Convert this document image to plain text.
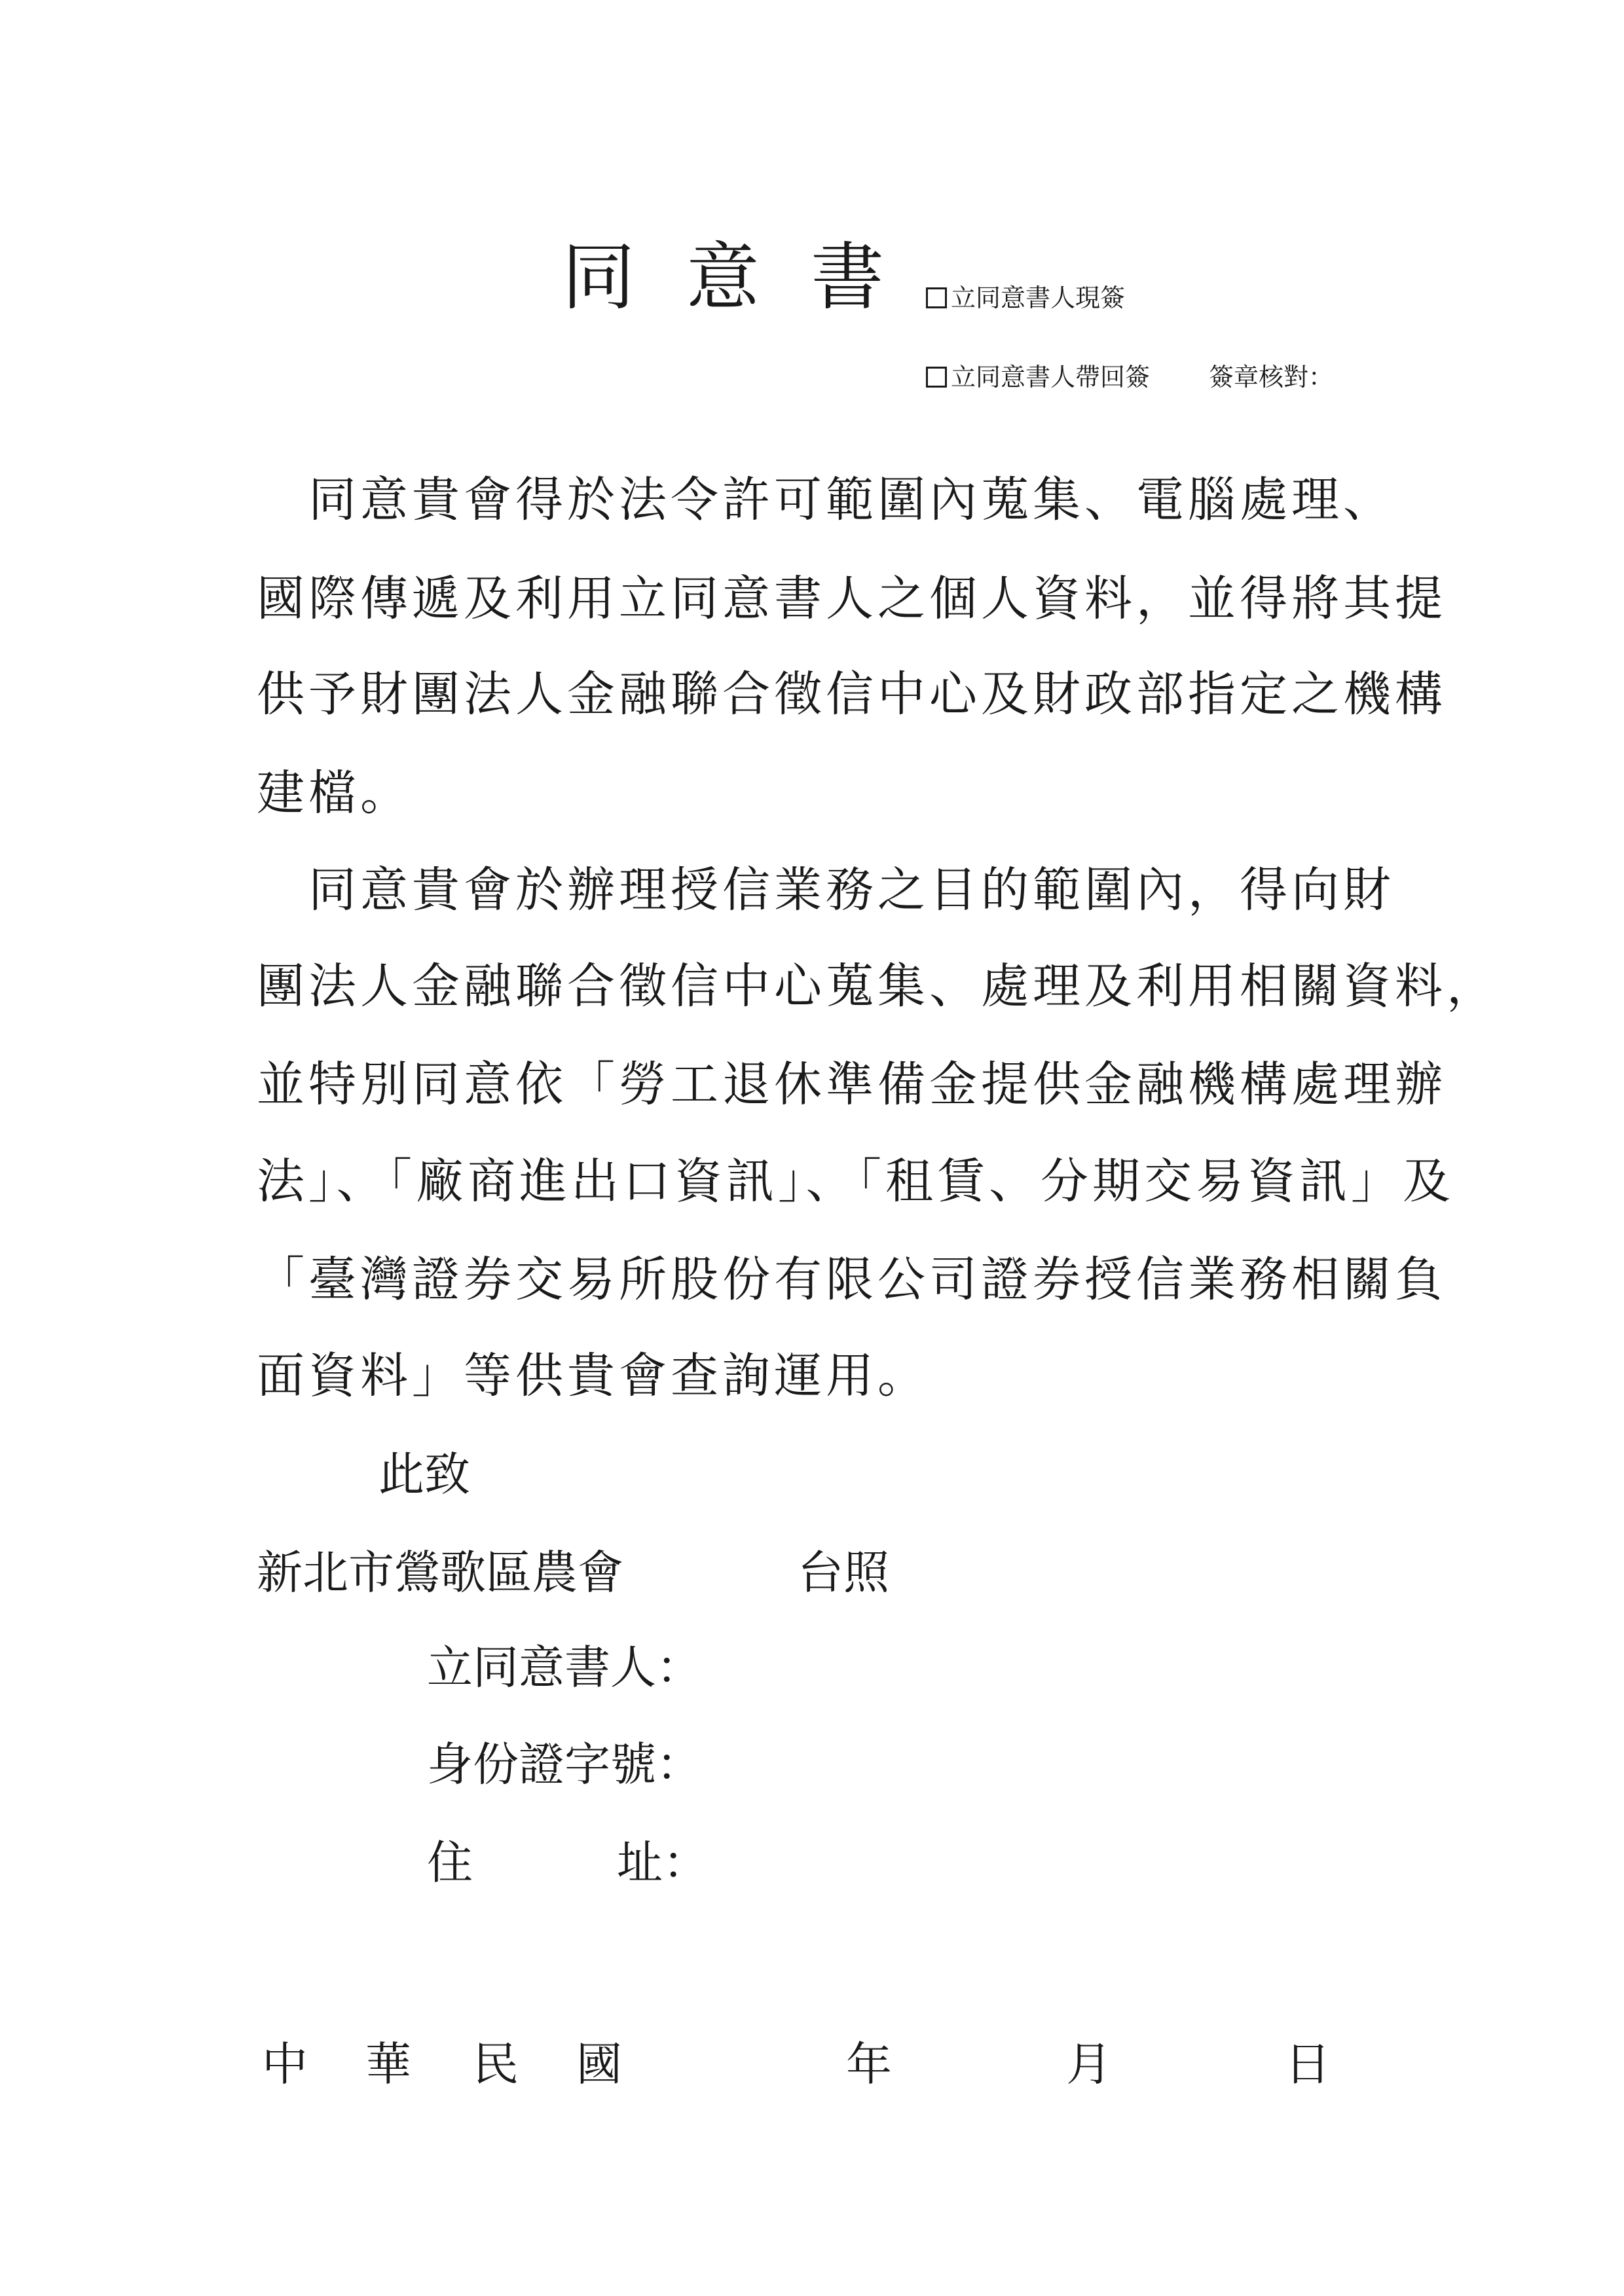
同意書 立同意書人現簽
立同意書人帶回簽 簽章核對：
　同意貴會得於法令許可範圍內蒐集、電腦處理、
國際傳遞及利用立同意書人之個人資料，並得將其提
供予財團法人金融聯合徵信中心及財政部指定之機構
建檔。
　同意貴會於辦理授信業務之目的範圍內，得向財
團法人金融聯合徵信中心蒐集、處理及利用相關資料，
並特別同意依「勞工退休準備金提供金融機構處理辦
法」、「廠商進出口資訊」、「租賃、分期交易資訊」及
「臺灣證券交易所股份有限公司證券授信業務相關負
面資料」等供貴會查詢運用。
此致
新北市鶯歌區農會	台照
立同意書人：
身份證字號：
住	址：
中 華 民 國	年	月	日
